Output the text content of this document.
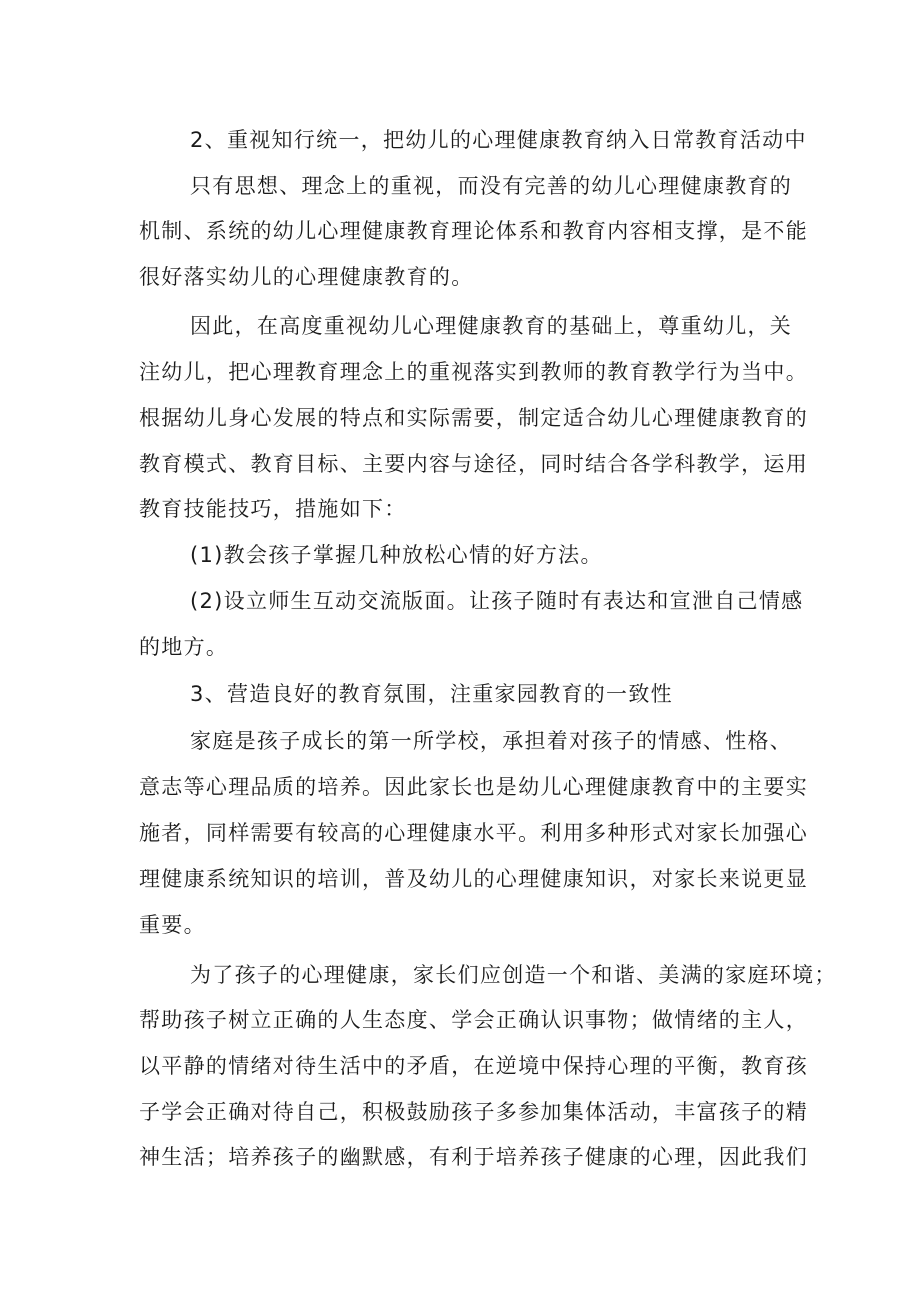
2、重视知行统一，把幼儿的心理健康教育纳入日常教育活动中
只有思想、理念上的重视，而没有完善的幼儿心理健康教育的
机制、系统的幼儿心理健康教育理论体系和教育内容相支撑，是不能
很好落实幼儿的心理健康教育的。
因此，在高度重视幼儿心理健康教育的基础上，尊重幼儿，关
注幼儿，把心理教育理念上的重视落实到教师的教育教学行为当中。
根据幼儿身心发展的特点和实际需要，制定适合幼儿心理健康教育的
教育模式、教育目标、主要内容与途径，同时结合各学科教学，运用
教育技能技巧，措施如下：
(1)教会孩子掌握几种放松心情的好方法。
(2)设立师生互动交流版面。让孩子随时有表达和宣泄自己情感
的地方。
3、营造良好的教育氛围，注重家园教育的一致性
家庭是孩子成长的第一所学校，承担着对孩子的情感、性格、
意志等心理品质的培养。因此家长也是幼儿心理健康教育中的主要实
施者，同样需要有较高的心理健康水平。利用多种形式对家长加强心
理健康系统知识的培训，普及幼儿的心理健康知识，对家长来说更显
重要。
为了孩子的心理健康，家长们应创造一个和谐、美满的家庭环境；
帮助孩子树立正确的人生态度、学会正确认识事物；做情绪的主人，
以平静的情绪对待生活中的矛盾，在逆境中保持心理的平衡，教育孩
子学会正确对待自己，积极鼓励孩子多参加集体活动，丰富孩子的精
神生活；培养孩子的幽默感，有利于培养孩子健康的心理，因此我们
